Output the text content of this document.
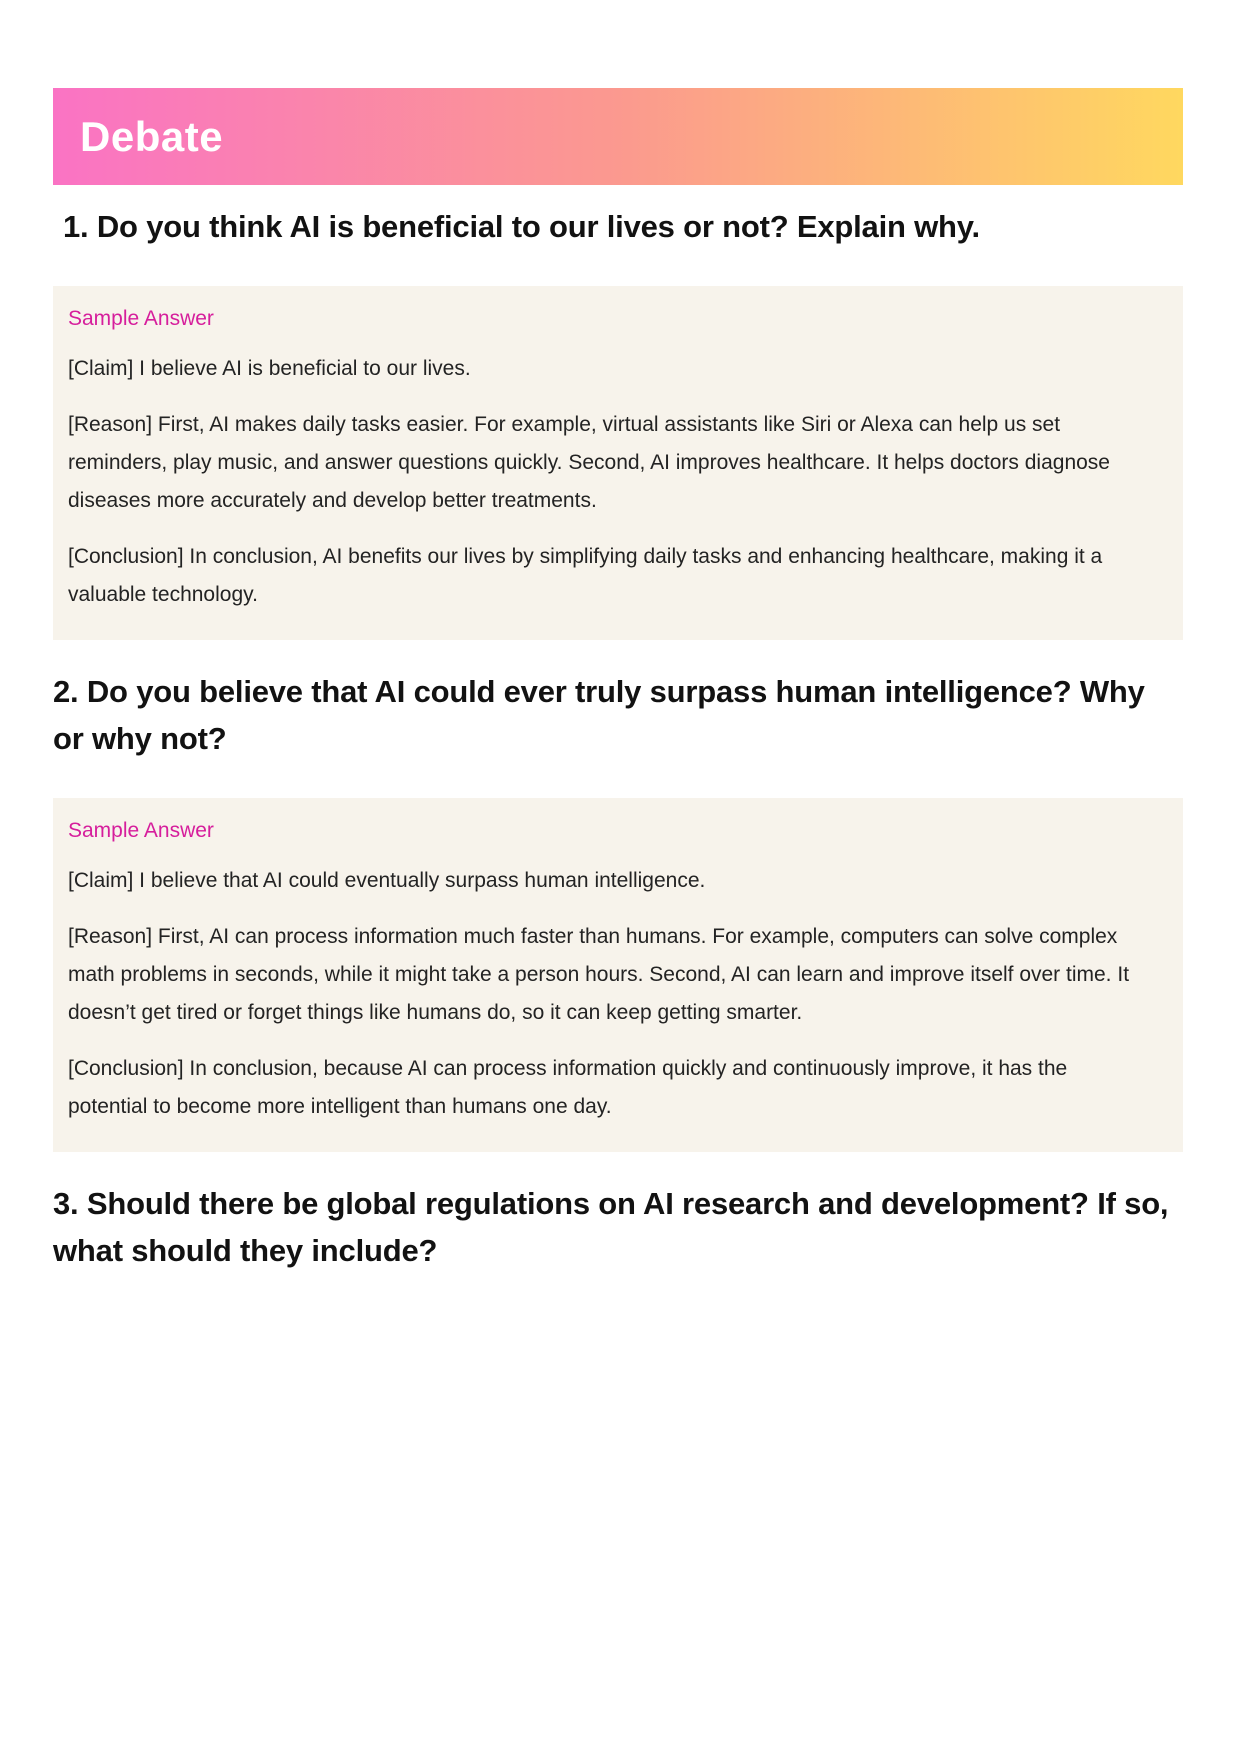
Debate
1. Do you think AI is beneficial to our lives or not? Explain why.
Sample Answer

[Claim] I believe AI is beneficial to our lives.

[Reason] First, AI makes daily tasks easier. For example, virtual assistants like Siri or Alexa can help us set reminders, play music, and answer questions quickly. Second, AI improves healthcare. It helps doctors diagnose diseases more accurately and develop better treatments.

[Conclusion] In conclusion, AI benefits our lives by simplifying daily tasks and enhancing healthcare, making it a valuable technology.

2. Do you believe that AI could ever truly surpass human intelligence? Why or why not?
Sample Answer

[Claim] I believe that AI could eventually surpass human intelligence.

[Reason] First, AI can process information much faster than humans. For example, computers can solve complex math problems in seconds, while it might take a person hours. Second, AI can learn and improve itself over time. It doesn’t get tired or forget things like humans do, so it can keep getting smarter.

[Conclusion] In conclusion, because AI can process information quickly and continuously improve, it has the potential to become more intelligent than humans one day.

3. Should there be global regulations on AI research and development? If so, what should they include?
